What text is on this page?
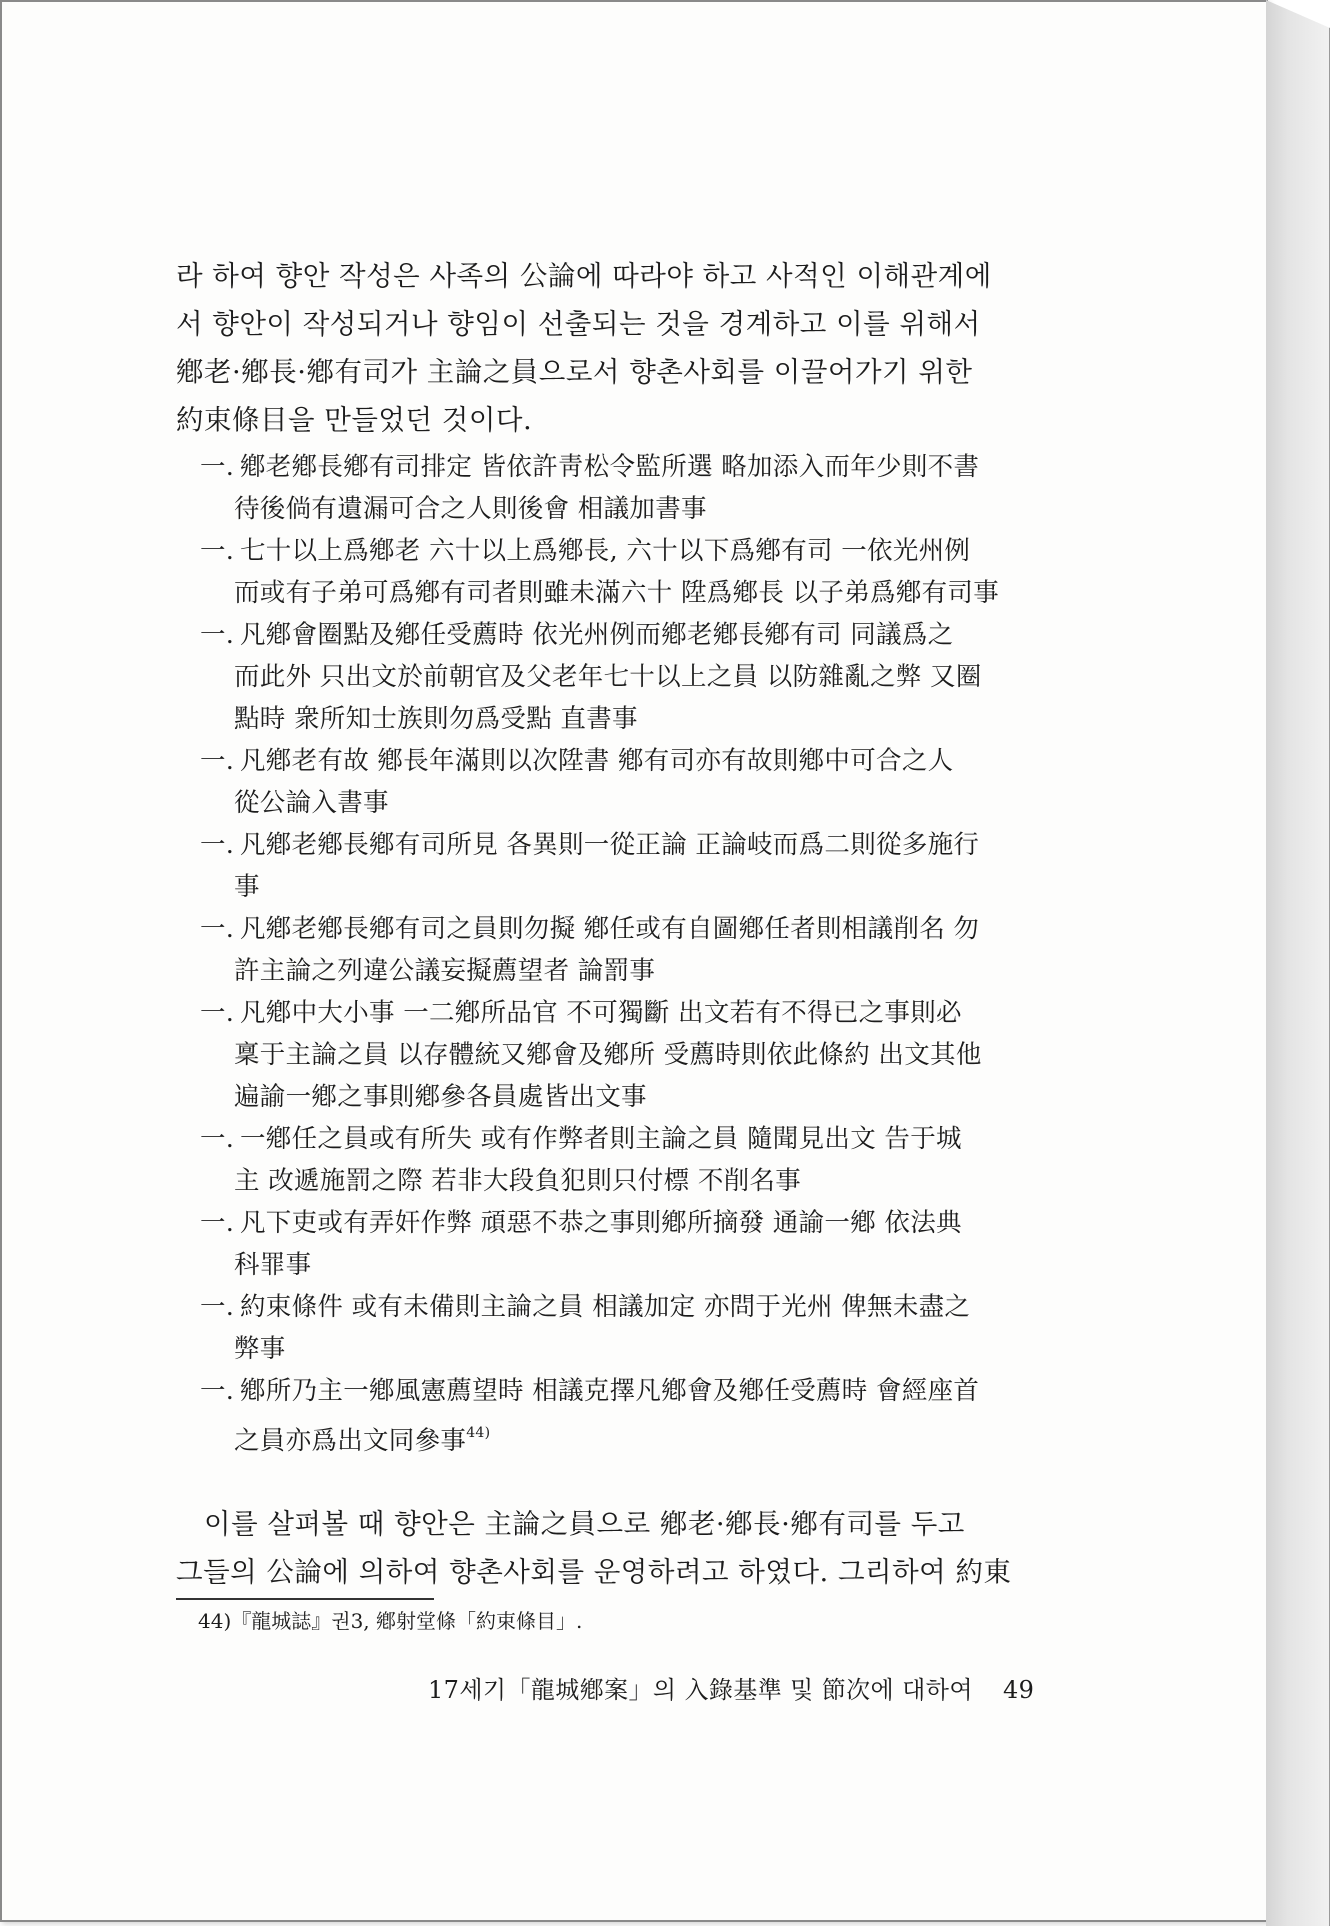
라 하여 향안 작성은 사족의 公論에 따라야 하고 사적인 이해관계에
서 향안이 작성되거나 향임이 선출되는 것을 경계하고 이를 위해서
鄕老·鄕長·鄕有司가 主論之員으로서 향촌사회를 이끌어가기 위한
約束條目을 만들었던 것이다.
一. 鄕老鄕長鄕有司排定 皆依許靑松令監所選 略加添入而年少則不書
待後倘有遺漏可合之人則後會 相議加書事
一. 七十以上爲鄕老 六十以上爲鄕長, 六十以下爲鄕有司 一依光州例
而或有子弟可爲鄕有司者則雖未滿六十 陞爲鄕長 以子弟爲鄕有司事
一. 凡鄕會圈點及鄕任受薦時 依光州例而鄕老鄕長鄕有司 同議爲之
而此外 只出文於前朝官及父老年七十以上之員 以防雜亂之弊 又圈
點時 衆所知士族則勿爲受點 直書事
一. 凡鄕老有故 鄕長年滿則以次陞書 鄕有司亦有故則鄕中可合之人
從公論入書事
一. 凡鄕老鄕長鄕有司所見 各異則一從正論 正論岐而爲二則從多施行
事
一. 凡鄕老鄕長鄕有司之員則勿擬 鄕任或有自圖鄕任者則相議削名 勿
許主論之列違公議妄擬薦望者 論罰事
一. 凡鄕中大小事 一二鄕所品官 不可獨斷 出文若有不得已之事則必
稟于主論之員 以存體統又鄕會及鄕所 受薦時則依此條約 出文其他
遍諭一鄕之事則鄕參各員處皆出文事
一. 一鄕任之員或有所失 或有作弊者則主論之員 隨聞見出文 告于城
主 改遞施罰之際 若非大段負犯則只付標 不削名事
一. 凡下吏或有弄奸作弊 頑惡不恭之事則鄕所摘發 通諭一鄕 依法典
科罪事
一. 約束條件 或有未備則主論之員 相議加定 亦問于光州 俾無未盡之
弊事
一. 鄕所乃主一鄕風憲薦望時 相議克擇凡鄕會及鄕任受薦時 會經座首
之員亦爲出文同參事$^{44)}$
이를 살펴볼 때 향안은 主論之員으로 鄕老·鄕長·鄕有司를 두고
그들의 公論에 의하여 향촌사회를 운영하려고 하였다. 그리하여 約東
44)『龍城誌』권3, 鄕射堂條「約束條目」.
17세기「龍城鄕案」의 入錄基準 및 節次에 대하여 49
